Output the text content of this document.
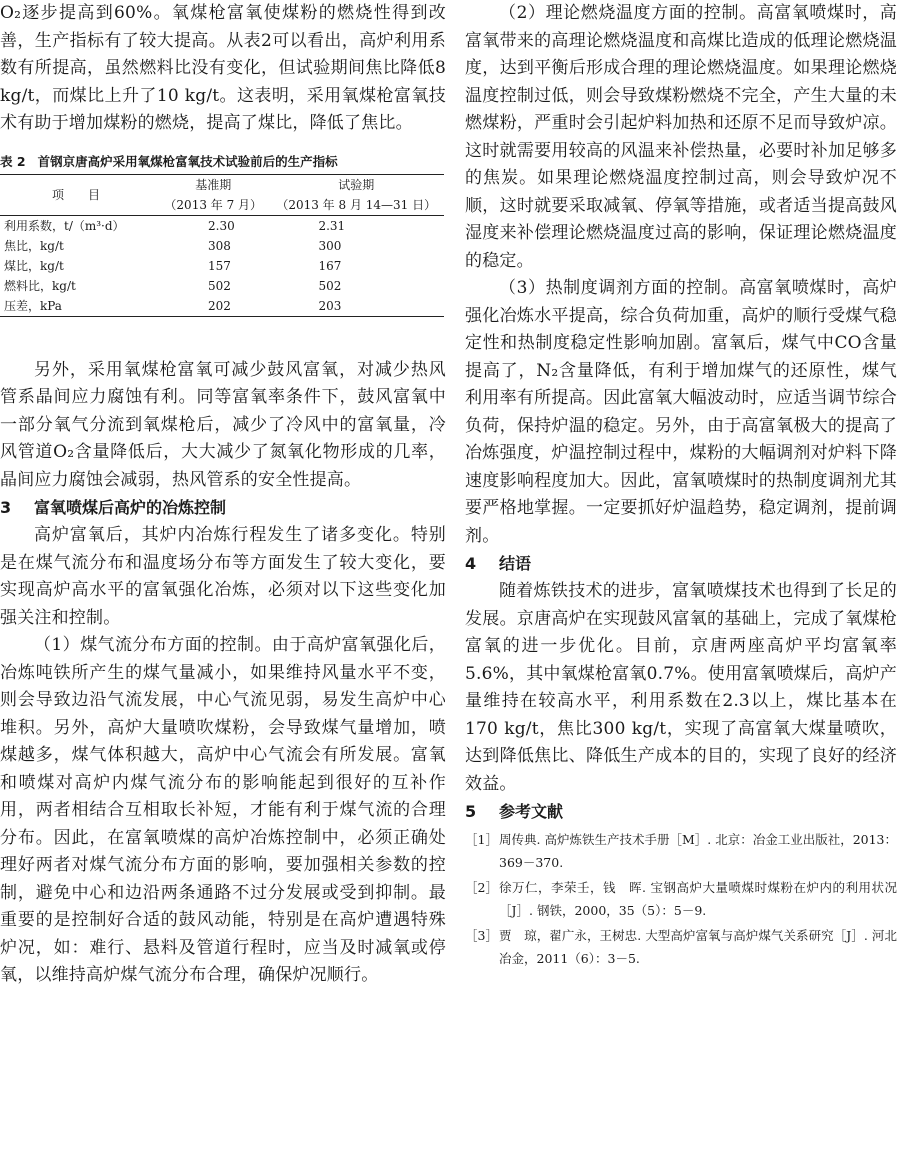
O₂逐步提高到60%。氧煤枪富氧使煤粉的燃烧性得到改善，生产指标有了较大提高。从表2可以看出，高炉利用系数有所提高，虽然燃料比没有变化，但试验期间焦比降低8 kg/t，而煤比上升了10 kg/t。这表明，采用氧煤枪富氧技术有助于增加煤粉的燃烧，提高了煤比，降低了焦比。

表 2 首钢京唐高炉采用氧煤枪富氧技术试验前后的生产指标
项　目	基准期	试验期
	（2013 年 7 月）	（2013 年 8 月 14—31 日）
利用系数，t/（m³·d）	2.30	2.31
焦比，kg/t	308	300
煤比，kg/t	157	167
燃料比，kg/t	502	502
压差，kPa	202	203

另外，采用氧煤枪富氧可减少鼓风富氧，对减少热风管系晶间应力腐蚀有利。同等富氧率条件下，鼓风富氧中一部分氧气分流到氧煤枪后，减少了冷风中的富氧量，冷风管道O₂含量降低后，大大减少了氮氧化物形成的几率，晶间应力腐蚀会减弱，热风管系的安全性提高。

3 富氧喷煤后高炉的冶炼控制

高炉富氧后，其炉内冶炼行程发生了诸多变化。特别是在煤气流分布和温度场分布等方面发生了较大变化，要实现高炉高水平的富氧强化冶炼，必须对以下这些变化加强关注和控制。

（1）煤气流分布方面的控制。由于高炉富氧强化后，冶炼吨铁所产生的煤气量减小，如果维持风量水平不变，则会导致边沿气流发展，中心气流见弱，易发生高炉中心堆积。另外，高炉大量喷吹煤粉，会导致煤气量增加，喷煤越多，煤气体积越大，高炉中心气流会有所发展。富氧和喷煤对高炉内煤气流分布的影响能起到很好的互补作用，两者相结合互相取长补短，才能有利于煤气流的合理分布。因此，在富氧喷煤的高炉冶炼控制中，必须正确处理好两者对煤气流分布方面的影响，要加强相关参数的控制，避免中心和边沿两条通路不过分发展或受到抑制。最重要的是控制好合适的鼓风动能，特别是在高炉遭遇特殊炉况，如：难行、悬料及管道行程时，应当及时减氧或停氧，以维持高炉煤气流分布合理，确保炉况顺行。

（2）理论燃烧温度方面的控制。高富氧喷煤时，高富氧带来的高理论燃烧温度和高煤比造成的低理论燃烧温度，达到平衡后形成合理的理论燃烧温度。如果理论燃烧温度控制过低，则会导致煤粉燃烧不完全，产生大量的未燃煤粉，严重时会引起炉料加热和还原不足而导致炉凉。这时就需要用较高的风温来补偿热量，必要时补加足够多的焦炭。如果理论燃烧温度控制过高，则会导致炉况不顺，这时就要采取减氧、停氧等措施，或者适当提高鼓风湿度来补偿理论燃烧温度过高的影响，保证理论燃烧温度的稳定。

（3）热制度调剂方面的控制。高富氧喷煤时，高炉强化冶炼水平提高，综合负荷加重，高炉的顺行受煤气稳定性和热制度稳定性影响加剧。富氧后，煤气中CO含量提高了，N₂含量降低，有利于增加煤气的还原性，煤气利用率有所提高。因此富氧大幅波动时，应适当调节综合负荷，保持炉温的稳定。另外，由于高富氧极大的提高了冶炼强度，炉温控制过程中，煤粉的大幅调剂对炉料下降速度影响程度加大。因此，富氧喷煤时的热制度调剂尤其要严格地掌握。一定要抓好炉温趋势，稳定调剂，提前调剂。

4 结语

随着炼铁技术的进步，富氧喷煤技术也得到了长足的发展。京唐高炉在实现鼓风富氧的基础上，完成了氧煤枪富氧的进一步优化。目前，京唐两座高炉平均富氧率5.6%，其中氧煤枪富氧0.7%。使用富氧喷煤后，高炉产量维持在较高水平，利用系数在2.3以上，煤比基本在170 kg/t，焦比300 kg/t，实现了高富氧大煤量喷吹，达到降低焦比、降低生产成本的目的，实现了良好的经济效益。

5 参考文献
［1］ 周传典. 高炉炼铁生产技术手册［M］. 北京：冶金工业出版社，2013：369－370.
［2］ 徐万仁，李荣壬，钱　晖. 宝钢高炉大量喷煤时煤粉在炉内的利用状况［J］. 钢铁，2000，35（5）：5－9.
［3］ 贾　琼，翟广永，王树忠. 大型高炉富氧与高炉煤气关系研究［J］. 河北冶金，2011（6）：3－5.
